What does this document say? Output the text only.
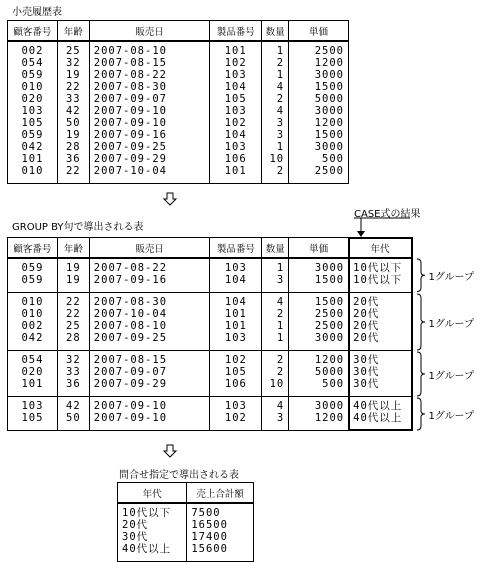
小売履歴表
顧客番号	年齢	販売日	製品番号	数量	単価
002	25	2007-08-10	101	1	2500
054	32	2007-08-15	102	2	1200
059	19	2007-08-22	103	1	3000
010	22	2007-08-30	104	4	1500
020	33	2007-09-07	105	2	5000
103	42	2007-09-10	103	4	3000
105	50	2007-09-10	102	3	1200
059	19	2007-09-16	104	3	1500
042	28	2007-09-25	103	1	3000
101	36	2007-09-29	106	10	500
010	22	2007-10-04	101	2	2500
GROUP BY句で導出される表
CASE式の結果
顧客番号	年齢	販売日	製品番号	数量	単価	年代
059	19	2007-08-22	103	1	3000	10代以下
059	19	2007-09-16	104	3	1500	10代以下
010	22	2007-08-30	104	4	1500	20代
010	22	2007-10-04	101	2	2500	20代
002	25	2007-08-10	101	1	2500	20代
042	28	2007-09-25	103	1	3000	20代
054	32	2007-08-15	102	2	1200	30代
020	33	2007-09-07	105	2	5000	30代
101	36	2007-09-29	106	10	500	30代
103	42	2007-09-10	103	4	3000	40代以上
105	50	2007-09-10	102	3	1200	40代以上
1グループ
1グループ
1グループ
1グループ
問合せ指定で導出される表
年代	売上合計額
10代以下	7500
20代	16500
30代	17400
40代以上	15600
